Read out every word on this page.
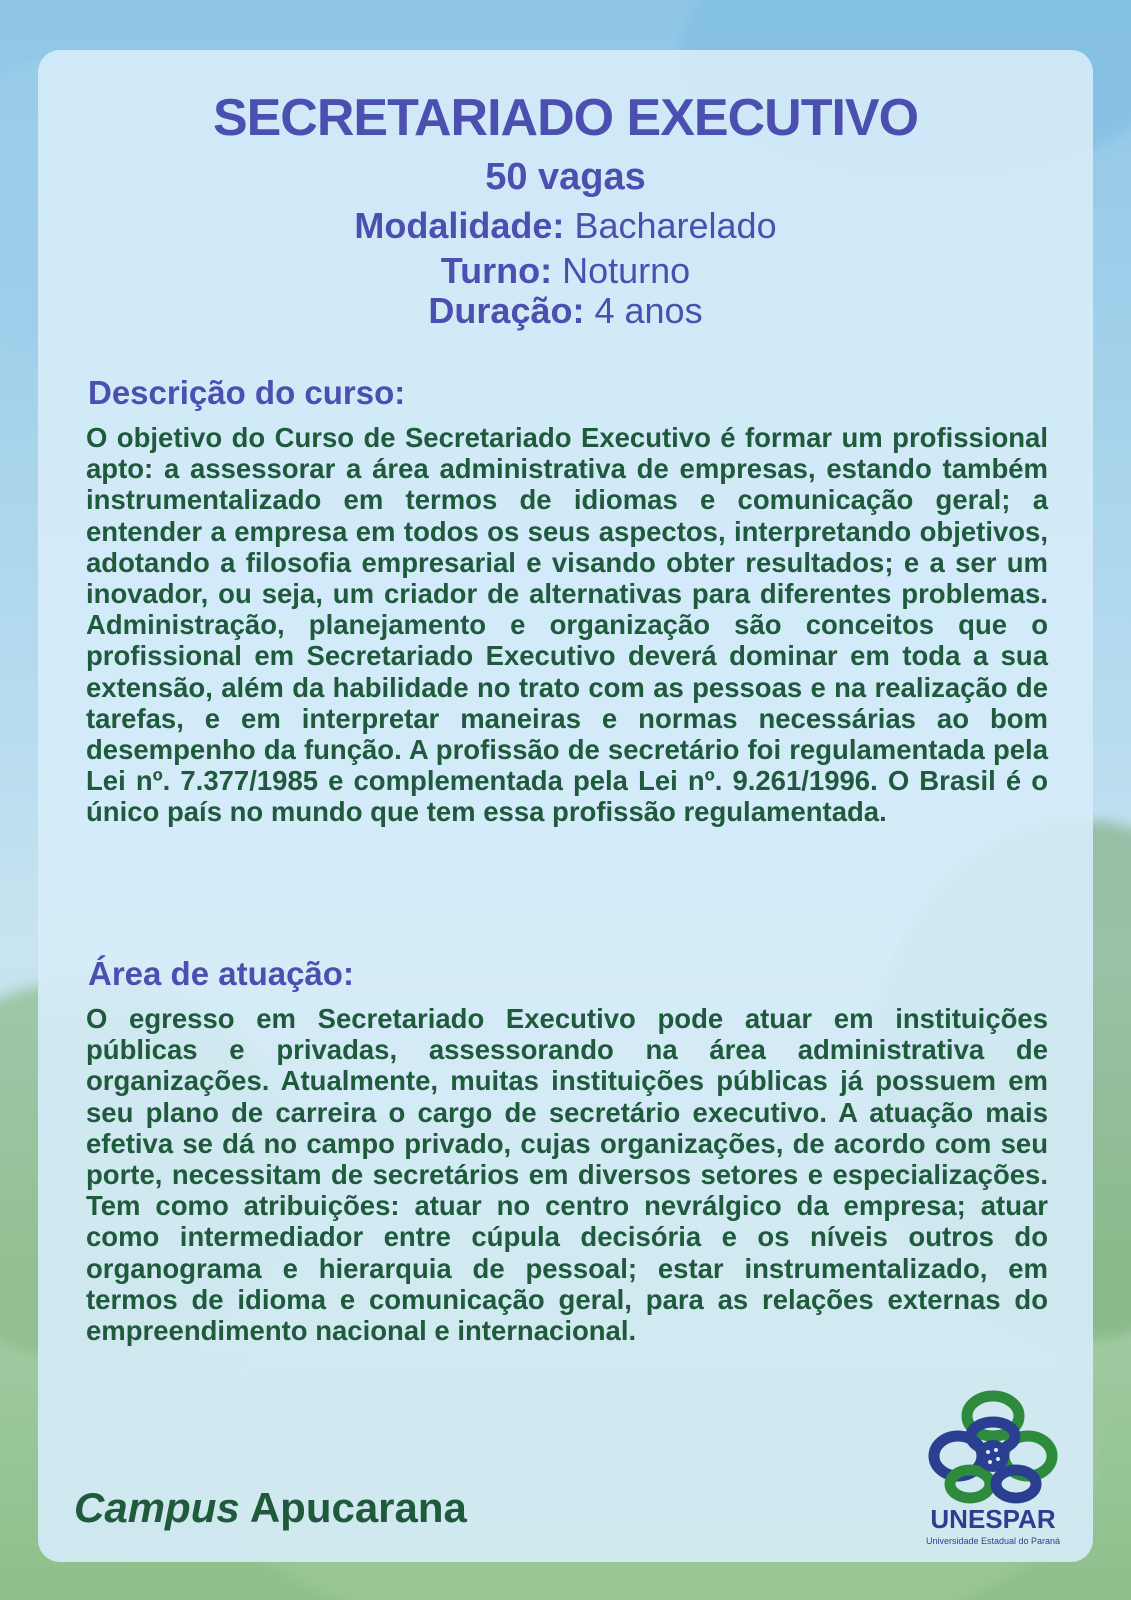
SECRETARIADO EXECUTIVO
50 vagas
Modalidade: Bacharelado
Turno: Noturno
Duração: 4 anos
Descrição do curso:
O objetivo do Curso de Secretariado Executivo é formar um profissional apto: a assessorar a área administrativa de empresas, estando também instrumentalizado em termos de idiomas e comunicação geral; a entender a empresa em todos os seus aspectos, interpretando objetivos, adotando a filosofia empresarial e visando obter resultados; e a ser um inovador, ou seja, um criador de alternativas para diferentes problemas. Administração, planejamento e organização são conceitos que o profissional em Secretariado Executivo deverá dominar em toda a sua extensão, além da habilidade no trato com as pessoas e na realização de tarefas, e em interpretar maneiras e normas necessárias ao bom desempenho da função. A profissão de secretário foi regulamentada pela Lei nº. 7.377/1985 e complementada pela Lei nº. 9.261/1996. O Brasil é o único país no mundo que tem essa profissão regulamentada.
Área de atuação:
O egresso em Secretariado Executivo pode atuar em instituições públicas e privadas, assessorando na área administrativa de organizações. Atualmente, muitas instituições públicas já possuem em seu plano de carreira o cargo de secretário executivo. A atuação mais efetiva se dá no campo privado, cujas organizações, de acordo com seu porte, necessitam de secretários em diversos setores e especializações. Tem como atribuições: atuar no centro nevrálgico da empresa; atuar como intermediador entre cúpula decisória e os níveis outros do organograma e hierarquia de pessoal; estar instrumentalizado, em termos de idioma e comunicação geral, para as relações externas do empreendimento nacional e internacional.
Campus Apucarana	UNESPAR
Universidade Estadual do Paraná
